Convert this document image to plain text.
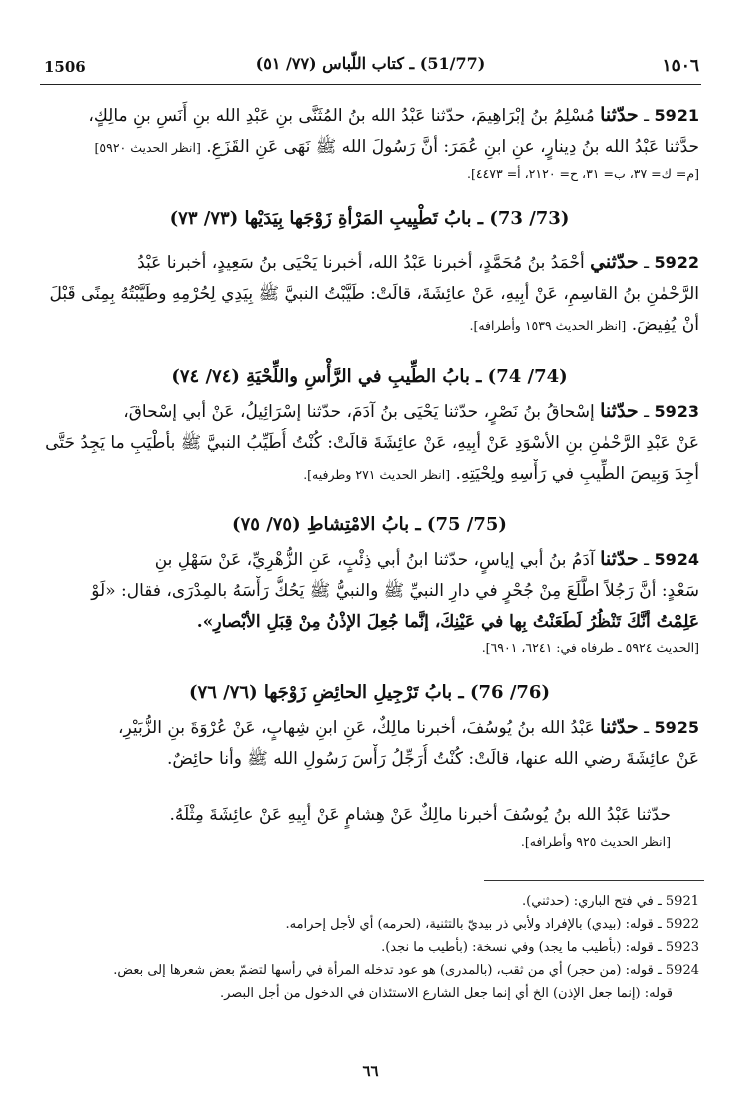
1506	(51/77) ـ كتاب اللّباس (٧٧/ ٥١)	١٥٠٦
5921 ـ حدّثنا مُسْلِمُ بنُ إبْرَاهِيمَ، حدّثنا عَبْدُ الله بنُ المُثَنَّى بنِ عَبْدِ الله بنِ أَنَسِ بنِ مالِكٍ،
حدَّثنا عَبْدُ الله بنُ دِينارٍ، عنِ ابنِ عُمَرَ: أنَّ رَسُولَ الله ﷺ نَهَى عَنِ القَزَعِ. [انظر الحديث ٥٩٢٠]
[م= ك= ٣٧، ب= ٣١، ح= ٢١٢٠، أ= ٤٤٧٣].
(73/ 73) ـ بابُ تَطْيِيبِ المَرْأةِ زَوْجَها بِيَدَيْها (٧٣/ ٧٣)
5922 ـ حدّثني أحْمَدُ بنُ مُحَمَّدٍ، أخبرنا عَبْدُ الله، أخبرنا يَحْيَى بنُ سَعِيدٍ، أخبرنا عَبْدُ
الرَّحْمٰنِ بنُ القاسِمِ، عَنْ أبِيهِ، عَنْ عائِشَةَ، قالَتْ: طَيَّبْتُ النبيَّ ﷺ بِيَدِي لِحُرْمِهِ وطَيَّبْتُهُ بِمِنًى قَبْلَ
أنْ يُفِيضَ. [انظر الحديث ١٥٣٩ وأطرافه].
(74/ 74) ـ بابُ الطِّيبِ في الرَّأْسِ واللِّحْيَةِ (٧٤/ ٧٤)
5923 ـ حدّثنا إسْحاقُ بنُ نَصْرٍ، حدّثنا يَحْيَى بنُ آدَمَ، حدّثنا إسْرَائِيلُ، عَنْ أبي إسْحاقَ،
عَنْ عَبْدِ الرَّحْمٰنِ بنِ الأسْوَدِ عَنْ أبِيهِ، عَنْ عائِشَةَ قالَتْ: كُنْتُ أُطَيِّبُ النبيَّ ﷺ بأطْيَبِ ما يَجِدُ حَتَّى
أجِدَ وَبِيصَ الطِّيبِ في رَأْسِهِ ولِحْيَتِهِ. [انظر الحديث ٢٧١ وطرفيه].
(75/ 75) ـ بابُ الامْتِشاطِ (٧٥/ ٧٥)
5924 ـ حدّثنا آدَمُ بنُ أبي إياسٍ، حدّثنا ابنُ أبي ذِئْبٍ، عَنِ الزُّهْرِيِّ، عَنْ سَهْلِ بنِ
سَعْدٍ: أنَّ رَجُلاً اطَّلَعَ مِنْ جُحْرٍ في دارِ النبيِّ ﷺ والنبيُّ ﷺ يَحُكُّ رَأْسَهُ بالمِدْرَى، فقال: «لَوْ
عَلِمْتُ أنَّكَ تَنْظُرُ لَطَعَنْتُ بِها في عَيْنِكَ، إنَّما جُعِلَ الإذْنُ مِنْ قِبَلِ الأبْصارِ».
[الحديث ٥٩٢٤ ـ طرفاه في: ٦٢٤١، ٦٩٠١].
(76/ 76) ـ بابُ تَرْجِيلِ الحائِضِ زَوْجَها (٧٦/ ٧٦)
5925 ـ حدّثنا عَبْدُ الله بنُ يُوسُفَ، أخبرنا مالِكٌ، عَنِ ابنِ شِهابٍ، عَنْ عُرْوَةَ بنِ الزُّبَيْرِ،
عَنْ عائِشَةَ رضي الله عنها، قالَتْ: كُنْتُ أُرَجِّلُ رَأْسَ رَسُولِ الله ﷺ وأنا حائِضٌ.
حدّثنا عَبْدُ الله بنُ يُوسُفَ أخبرنا مالِكٌ عَنْ هِشامٍ عَنْ أبِيهِ عَنْ عائِشَةَ مِثْلَهُ.
[انظر الحديث ٩٢٥ وأطرافه].
5921 ـ في فتح الباري: (حدثني).
5922 ـ قوله: (بيدي) بالإفراد ولأبي ذر بيديّ بالتثنية، (لحرمه) أي لأجل إحرامه.
5923 ـ قوله: (بأطيب ما يجد) وفي نسخة: (بأطيب ما نجد).
5924 ـ قوله: (من حجر) أي من ثقب، (بالمدرى) هو عود تدخله المرأة في رأسها لتضمّ بعض شعرها إلى بعض.
قوله: (إنما جعل الإذن) الخ أي إنما جعل الشارع الاستئذان في الدخول من أجل البصر.
٦٦
